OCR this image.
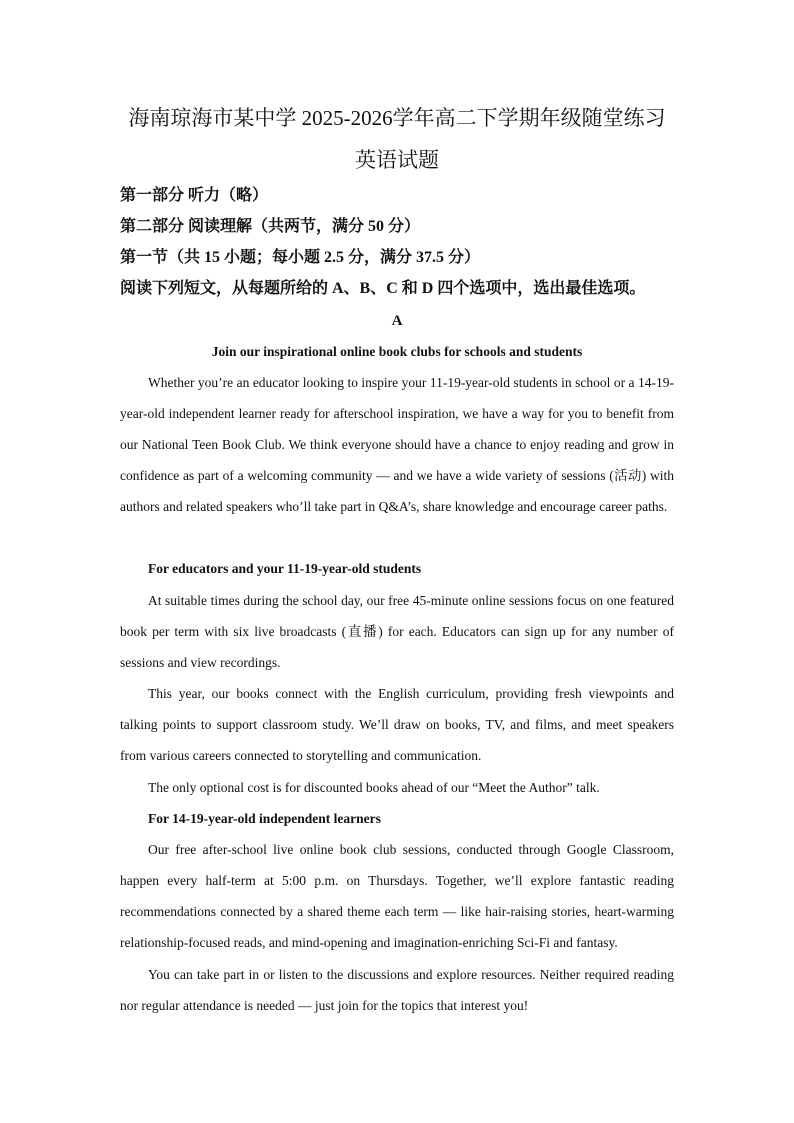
海南琼海市某中学 2025-2026学年高二下学期年级随堂练习
英语试题
第一部分 听力（略）
第二部分 阅读理解（共两节，满分 50 分）
第一节（共 15 小题；每小题 2.5 分，满分 37.5 分）
阅读下列短文，从每题所给的 A、B、C 和 D 四个选项中，选出最佳选项。
A
Join our inspirational online book clubs for schools and students

Whether you’re an educator looking to inspire your 11-19-year-old students in school or a 14-19-year-old independent learner ready for afterschool inspiration, we have a way for you to benefit from our National Teen Book Club. We think everyone should have a chance to enjoy reading and grow in confidence as part of a welcoming community — and we have a wide variety of sessions (活动) with authors and related speakers who’ll take part in Q&A’s, share knowledge and encourage career paths.

For educators and your 11-19-year-old students

At suitable times during the school day, our free 45-minute online sessions focus on one featured book per term with six live broadcasts (直播) for each. Educators can sign up for any number of sessions and view recordings.

This year, our books connect with the English curriculum, providing fresh viewpoints and talking points to support classroom study. We’ll draw on books, TV, and films, and meet speakers from various careers connected to storytelling and communication.

The only optional cost is for discounted books ahead of our “Meet the Author” talk.

For 14-19-year-old independent learners

Our free after-school live online book club sessions, conducted through Google Classroom, happen every half-term at 5:00 p.m. on Thursdays. Together, we’ll explore fantastic reading recommendations connected by a shared theme each term — like hair-raising stories, heart-warming relationship-focused reads, and mind-opening and imagination-enriching Sci-Fi and fantasy.

You can take part in or listen to the discussions and explore resources. Neither required reading nor regular attendance is needed — just join for the topics that interest you!
